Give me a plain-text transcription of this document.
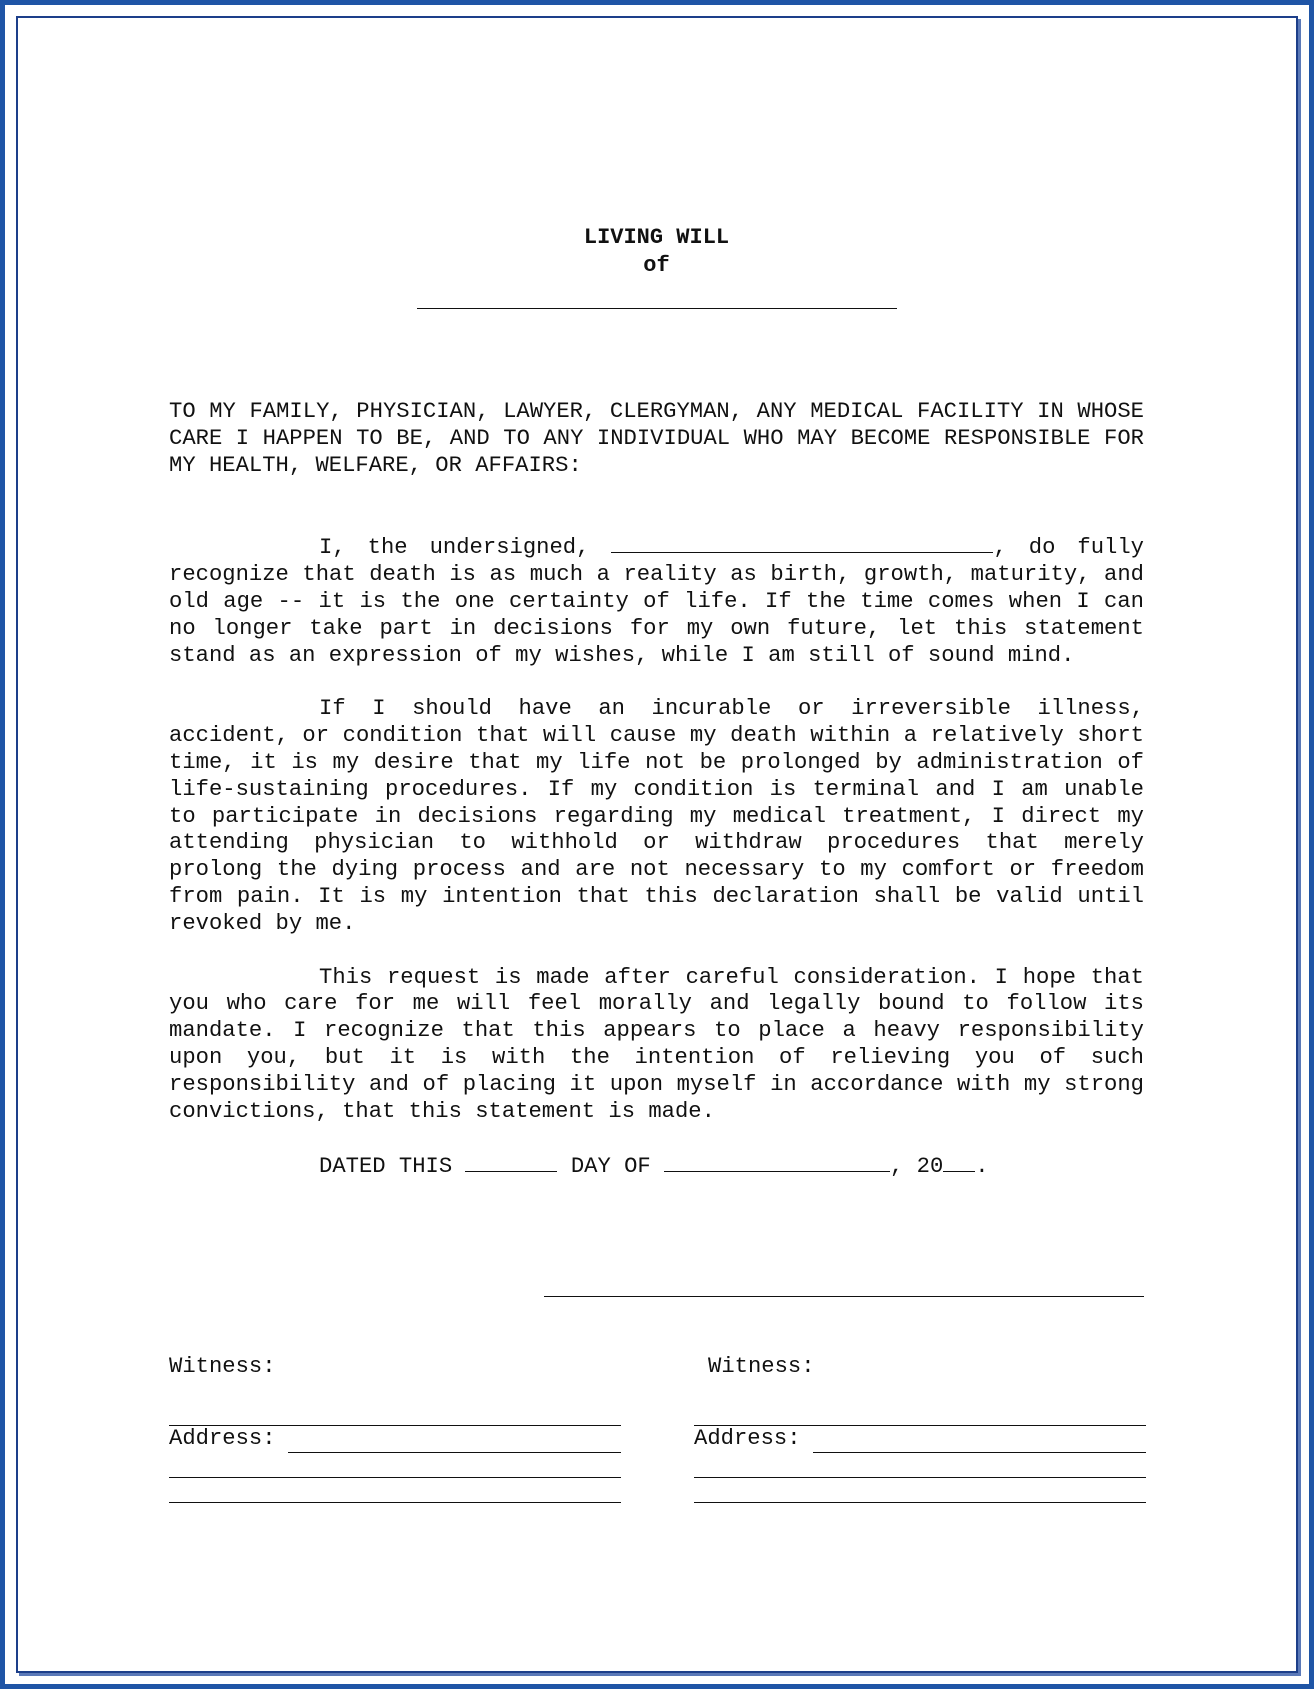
LIVING WILL
of
TO MY FAMILY, PHYSICIAN, LAWYER, CLERGYMAN, ANY MEDICAL FACILITY IN WHOSE CARE I HAPPEN TO BE, AND TO ANY INDIVIDUAL WHO MAY BECOME RESPONSIBLE FOR MY HEALTH, WELFARE, OR AFFAIRS:
I, the undersigned,	, do fully recognize that death is as much a reality as birth, growth, maturity, and old age -- it is the one certainty of life. If the time comes when I can no longer take part in decisions for my own future, let this statement stand as an expression of my wishes, while I am still of sound mind.
If I should have an incurable or irreversible illness, accident, or condition that will cause my death within a relatively short time, it is my desire that my life not be prolonged by administration of life-sustaining procedures. If my condition is terminal and I am unable to participate in decisions regarding my medical treatment, I direct my attending physician to withhold or withdraw procedures that merely prolong the dying process and are not necessary to my comfort or freedom from pain. It is my intention that this declaration shall be valid until revoked by me.
This request is made after careful consideration. I hope that you who care for me will feel morally and legally bound to follow its mandate. I recognize that this appears to place a heavy responsibility upon you, but it is with the intention of relieving you of such responsibility and of placing it upon myself in accordance with my strong convictions, that this statement is made.
DATED THIS	DAY OF	, 20 .
Witness:
Address:
Witness:
Address:
